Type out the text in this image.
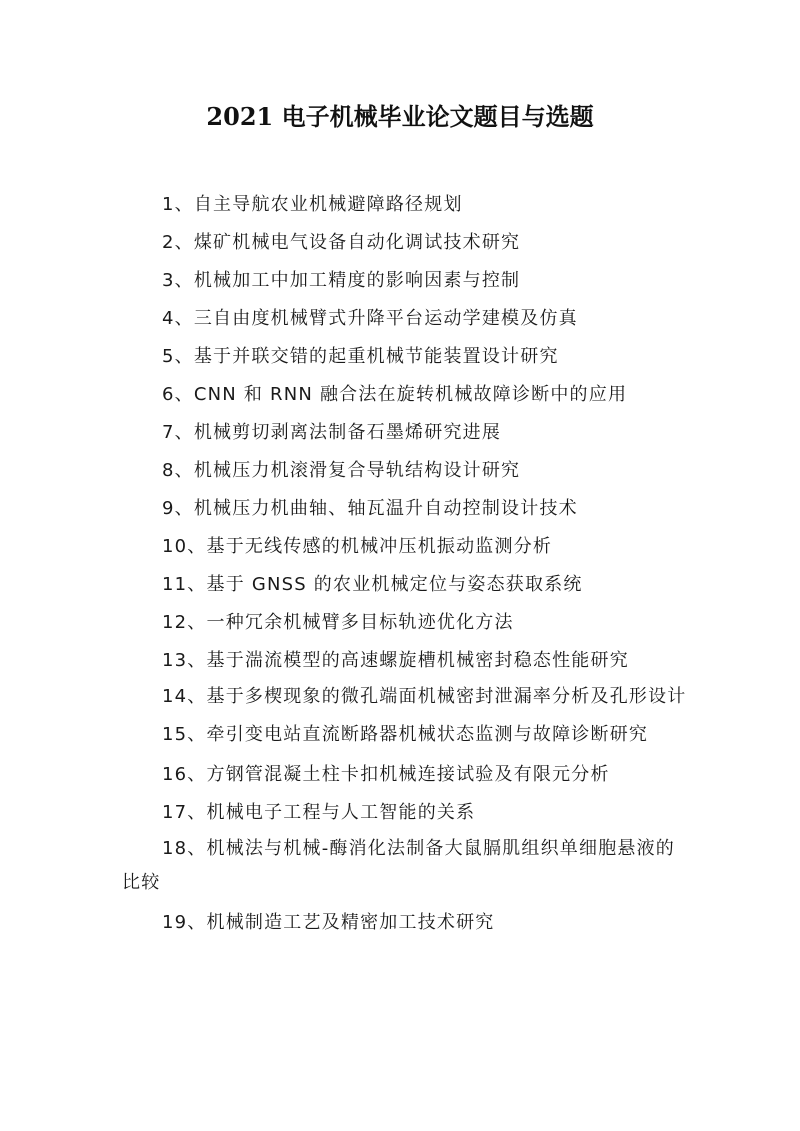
2021 电子机械毕业论文题目与选题
1、自主导航农业机械避障路径规划
2、煤矿机械电气设备自动化调试技术研究
3、机械加工中加工精度的影响因素与控制
4、三自由度机械臂式升降平台运动学建模及仿真
5、基于并联交错的起重机械节能装置设计研究
6、CNN 和 RNN 融合法在旋转机械故障诊断中的应用
7、机械剪切剥离法制备石墨烯研究进展
8、机械压力机滚滑复合导轨结构设计研究
9、机械压力机曲轴、轴瓦温升自动控制设计技术
10、基于无线传感的机械冲压机振动监测分析
11、基于 GNSS 的农业机械定位与姿态获取系统
12、一种冗余机械臂多目标轨迹优化方法
13、基于湍流模型的高速螺旋槽机械密封稳态性能研究
14、基于多楔现象的微孔端面机械密封泄漏率分析及孔形设计
15、牵引变电站直流断路器机械状态监测与故障诊断研究
16、方钢管混凝土柱卡扣机械连接试验及有限元分析
17、机械电子工程与人工智能的关系
18、机械法与机械-酶消化法制备大鼠膈肌组织单细胞悬液的比较
19、机械制造工艺及精密加工技术研究
